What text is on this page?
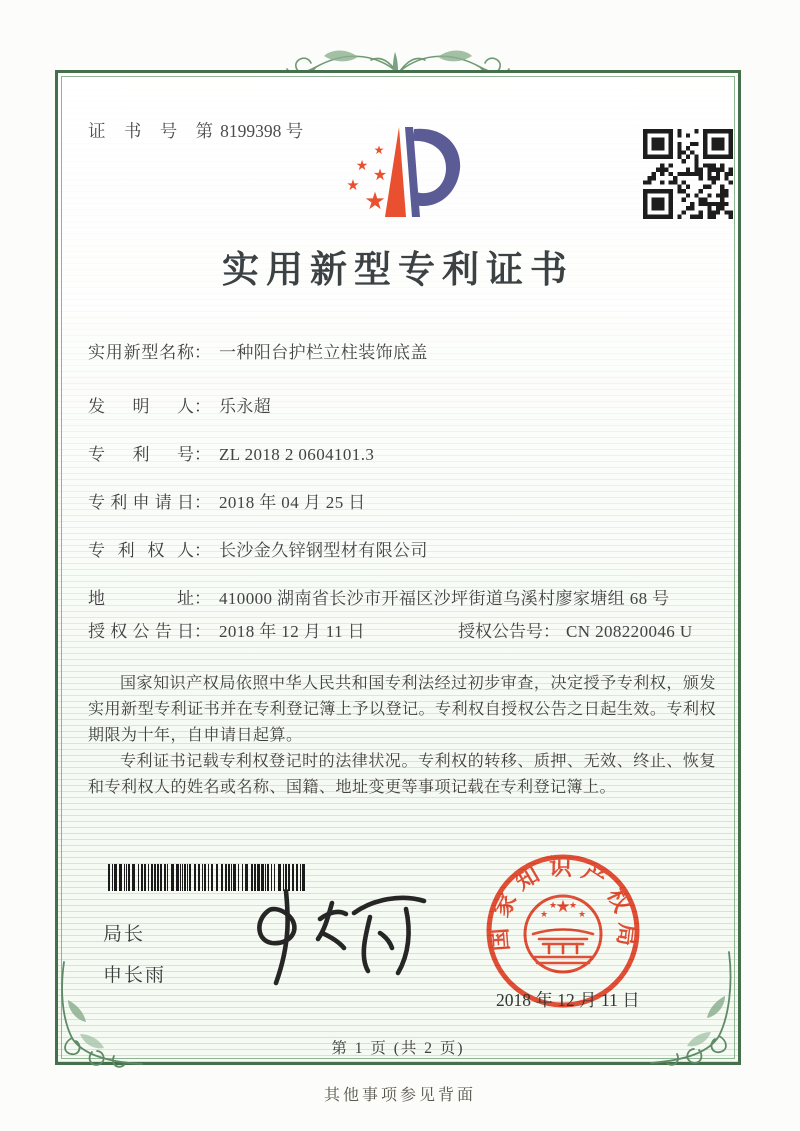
证 书 号 第8199398 号
★
★ ★
★
★
实用新型专利证书
实用新型名称： 一种阳台护栏立柱装饰底盖
发明人： 乐永超
专利号： ZL 2018 2 0604101.3
专利申请日： 2018 年 04 月 25 日
专利权人： 长沙金久锌钢型材有限公司
地址： 410000 湖南省长沙市开福区沙坪街道乌溪村廖家塘组 68 号
授权公告日： 2018 年 12 月 11 日	授权公告号： CN 208220046 U

国家知识产权局依照中华人民共和国专利法经过初步审查，决定授予专利权，颁发实用新型专利证书并在专利登记簿上予以登记。专利权自授权公告之日起生效。专利权期限为十年，自申请日起算。

专利证书记载专利权登记时的法律状况。专利权的转移、质押、无效、终止、恢复和专利权人的姓名或名称、国籍、地址变更等事项记载在专利登记簿上。

局长
申长雨
国家知识产权局
★
★
★ ★
★
2018 年 12 月 11 日
第 1 页 (共 2 页)
其他事项参见背面
